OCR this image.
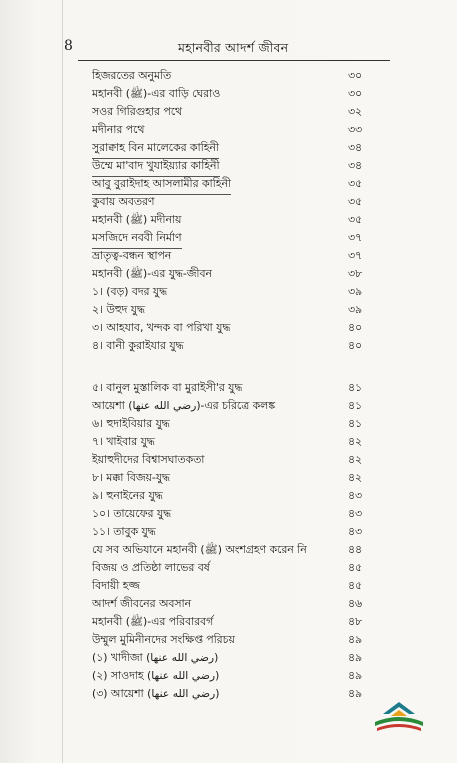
8	মহানবীর আদর্শ জীবন
হিজরতের অনুমতি	৩০
মহানবী (ﷺ)-এর বাড়ি ঘেরাও	৩০
সওর গিরিগুহার পথে	৩২
মদীনার পথে	৩৩
সুরাক্বাহ বিন মালেকের কাহিনী	৩৪
উম্মে মা'বাদ খুযাইয়্যার কাহিনী	৩৪
আবু বুরাইদাহ আসলামীর কাহিনী	৩৫
কুবায় অবতরণ	৩৫
মহানবী (ﷺ) মদীনায়	৩৫
মসজিদে নববী নির্মাণ	৩৭
ভ্রাতৃত্ব-বন্ধন স্থাপন	৩৭
মহানবী (ﷺ)-এর যুদ্ধ-জীবন	৩৮
১। (বড়) বদর যুদ্ধ	৩৯
২। উহুদ যুদ্ধ	৩৯
৩। আহযাব, খন্দক বা পরিখা যুদ্ধ	৪০
৪। বানী কুরাইযার যুদ্ধ	৪০
৫। বানুল মুস্তালিক বা মুরাইসী'র যুদ্ধ	৪১
আয়েশা (رضي الله عنها)-এর চরিত্রে কলঙ্ক	৪১
৬। হুদাইবিয়ার যুদ্ধ	৪১
৭। খাইবার যুদ্ধ	৪২
ইয়াহুদীদের বিশ্বাসঘাতকতা	৪২
৮। মক্কা বিজয়-যুদ্ধ	৪২
৯। হুনাইনের যুদ্ধ	৪৩
১০। তায়েফের যুদ্ধ	৪৩
১১। তাবুক যুদ্ধ	৪৩
যে সব অভিযানে মহানবী (ﷺ) অংশগ্রহণ করেন নি	৪৪
বিজয় ও প্রতিষ্ঠা লাভের বর্ষ	৪৫
বিদায়ী হজ্জ	৪৫
আদর্শ জীবনের অবসান	৪৬
মহানবী (ﷺ)-এর পরিবারবর্গ	৪৮
উম্মুল মুমিনীনদের সংক্ষিপ্ত পরিচয়	৪৯
(১) খাদীজা (رضي الله عنها)	৪৯
(২) সাওদাহ (رضي الله عنها)	৪৯
(৩) আয়েশা (رضي الله عنها)	৪৯
